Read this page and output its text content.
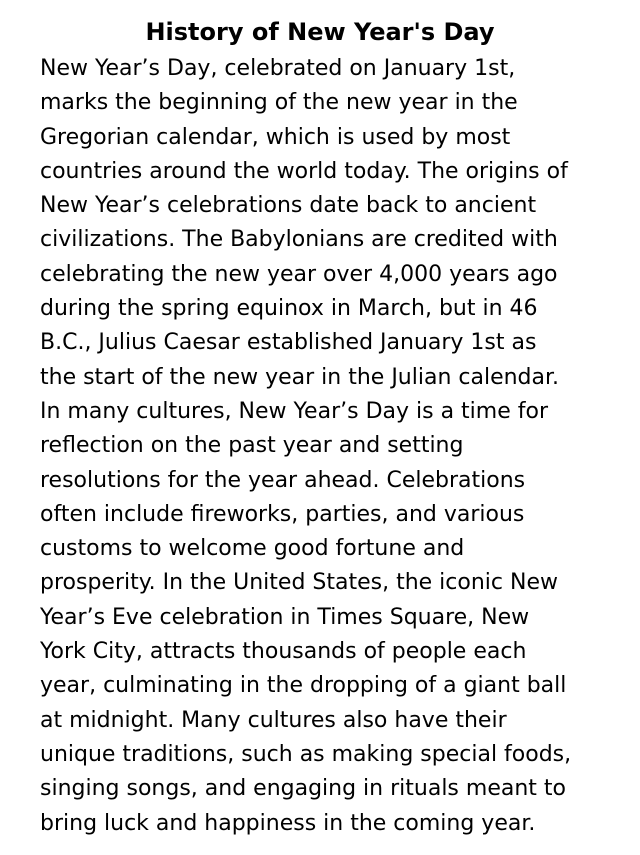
History of New Year's Day
New Year’s Day, celebrated on January 1st,
marks the beginning of the new year in the
Gregorian calendar, which is used by most
countries around the world today. The origins of
New Year’s celebrations date back to ancient
civilizations. The Babylonians are credited with
celebrating the new year over 4,000 years ago
during the spring equinox in March, but in 46
B.C., Julius Caesar established January 1st as
the start of the new year in the Julian calendar.
In many cultures, New Year’s Day is a time for
reflection on the past year and setting
resolutions for the year ahead. Celebrations
often include fireworks, parties, and various
customs to welcome good fortune and
prosperity. In the United States, the iconic New
Year’s Eve celebration in Times Square, New
York City, attracts thousands of people each
year, culminating in the dropping of a giant ball
at midnight. Many cultures also have their
unique traditions, such as making special foods,
singing songs, and engaging in rituals meant to
bring luck and happiness in the coming year.
